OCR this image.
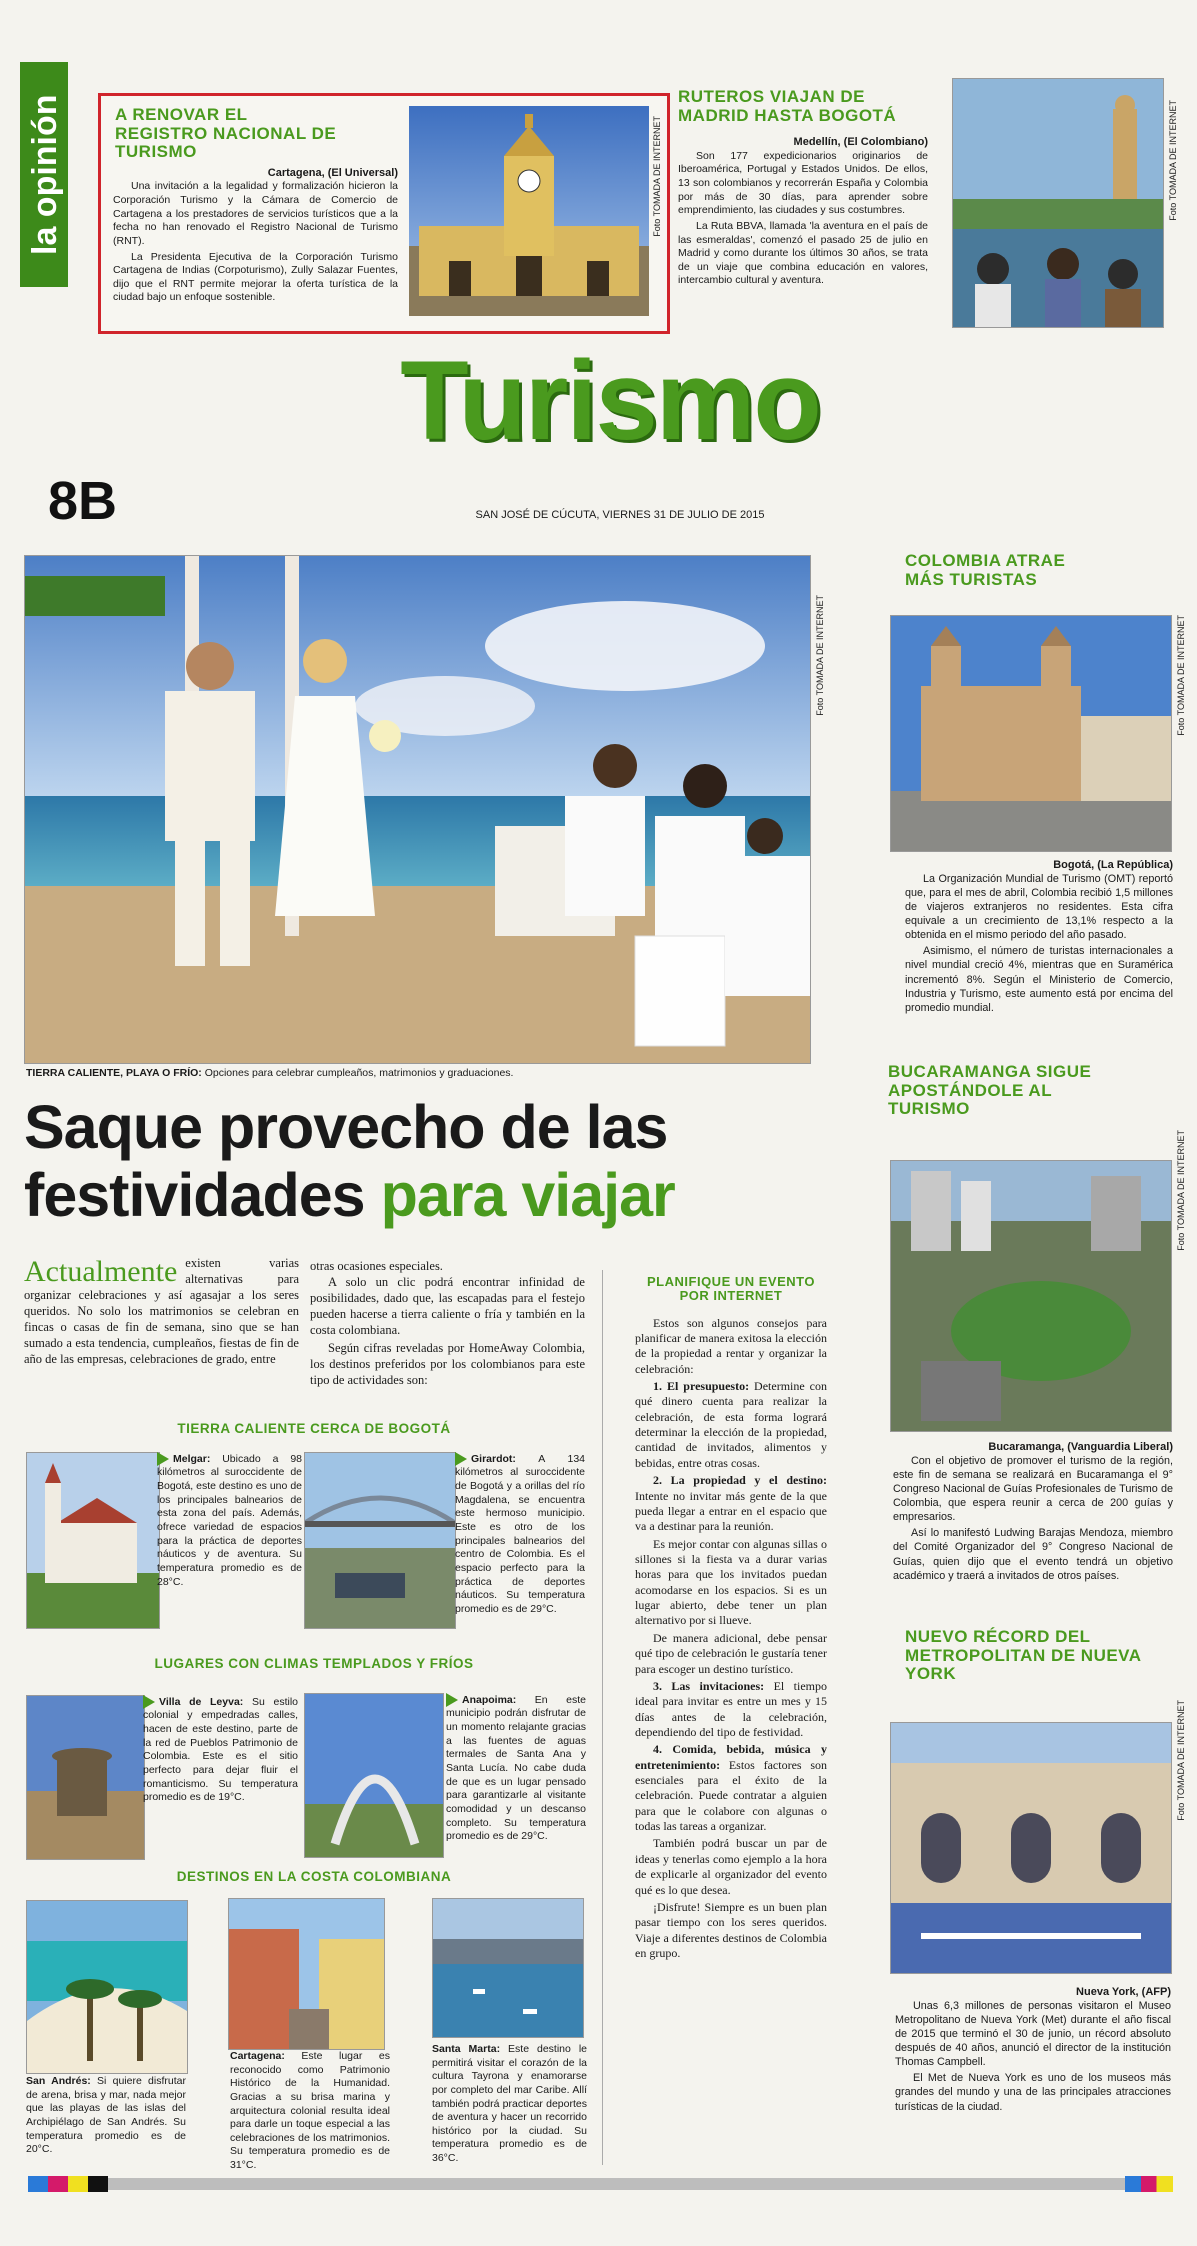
la opinión	A RENOVAR EL REGISTRO NACIONAL DE TURISMO
Cartagena, (El Universal)

Una invitación a la legalidad y formalización hicieron la Corporación Turismo y la Cámara de Comercio de Cartagena a los prestadores de servicios turísticos que a la fecha no han renovado el Registro Nacional de Turismo (RNT).

La Presidenta Ejecutiva de la Corporación Turismo Cartagena de Indias (Corpoturismo), Zully Salazar Fuentes, dijo que el RNT permite mejorar la oferta turística de la ciudad bajo un enfoque sostenible.

Foto TOMADA DE INTERNET
RUTEROS VIAJAN DE MADRID HASTA BOGOTÁ
Medellín, (El Colombiano)

Son 177 expedicionarios originarios de Iberoamérica, Portugal y Estados Unidos. De ellos, 13 son colombianos y recorrerán España y Colombia por más de 30 días, para aprender sobre emprendimiento, las ciudades y sus costumbres.

La Ruta BBVA, llamada 'la aventura en el país de las esmeraldas', comenzó el pasado 25 de julio en Madrid y como durante los últimos 30 años, se trata de un viaje que combina educación en valores, intercambio cultural y aventura.

Foto TOMADA DE INTERNET
Turismo
SAN JOSÉ DE CÚCUTA, VIERNES 31 DE JULIO DE 2015
8B
Foto TOMADA DE INTERNET
TIERRA CALIENTE, PLAYA O FRÍO: Opciones para celebrar cumpleaños, matrimonios y graduaciones.
Saque provecho de las
festividades para viajar
Actualmente existen varias alternativas para organizar celebraciones y así agasajar a los seres queridos. No solo los matrimonios se celebran en fincas o casas de fin de semana, sino que se han sumado a esta tendencia, cumpleaños, fiestas de fin de año de las empresas, celebraciones de grado, entre
otras ocasiones especiales.

A solo un clic podrá encontrar infinidad de posibilidades, dado que, las escapadas para el festejo pueden hacerse a tierra caliente o fría y también en la costa colombiana.

Según cifras reveladas por HomeAway Colombia, los destinos preferidos por los colombianos para este tipo de actividades son:

TIERRA CALIENTE CERCA DE BOGOTÁ
Melgar: Ubicado a 98 kilómetros al suroccidente de Bogotá, este destino es uno de los principales balnearios de esta zona del país. Además, ofrece variedad de espacios para la práctica de deportes náuticos y de aventura. Su temperatura promedio es de 28°C.
Girardot: A 134 kilómetros al suroccidente de Bogotá y a orillas del río Magdalena, se encuentra este hermoso municipio. Este es otro de los principales balnearios del centro de Colombia. Es el espacio perfecto para la práctica de deportes náuticos. Su temperatura promedio es de 29°C.
LUGARES CON CLIMAS TEMPLADOS Y FRÍOS
Villa de Leyva: Su estilo colonial y empedradas calles, hacen de este destino, parte de la red de Pueblos Patrimonio de Colombia. Este es el sitio perfecto para dejar fluir el romanticismo. Su temperatura promedio es de 19°C.
Anapoima: En este municipio podrán disfrutar de un momento relajante gracias a las fuentes de aguas termales de Santa Ana y Santa Lucía. No cabe duda de que es un lugar pensado para garantizarle al visitante comodidad y un descanso completo. Su temperatura promedio es de 29°C.
DESTINOS EN LA COSTA COLOMBIANA
San Andrés: Si quiere disfrutar de arena, brisa y mar, nada mejor que las playas de las islas del Archipiélago de San Andrés. Su temperatura promedio es de 20°C.
Cartagena: Este lugar es reconocido como Patrimonio Histórico de la Humanidad. Gracias a su brisa marina y arquitectura colonial resulta ideal para darle un toque especial a las celebraciones de los matrimonios. Su temperatura promedio es de 31°C.
Santa Marta: Este destino le permitirá visitar el corazón de la cultura Tayrona y enamorarse por completo del mar Caribe. Allí también podrá practicar deportes de aventura y hacer un recorrido histórico por la ciudad. Su temperatura promedio es de 36°C.
PLANIFIQUE UN EVENTO POR INTERNET

Estos son algunos consejos para planificar de manera exitosa la elección de la propiedad a rentar y organizar la celebración:

1. El presupuesto: Determine con qué dinero cuenta para realizar la celebración, de esta forma logrará determinar la elección de la propiedad, cantidad de invitados, alimentos y bebidas, entre otras cosas.

2. La propiedad y el destino: Intente no invitar más gente de la que pueda llegar a entrar en el espacio que va a destinar para la reunión.

Es mejor contar con algunas sillas o sillones si la fiesta va a durar varias horas para que los invitados puedan acomodarse en los espacios. Si es un lugar abierto, debe tener un plan alternativo por si llueve.

De manera adicional, debe pensar qué tipo de celebración le gustaría tener para escoger un destino turístico.

3. Las invitaciones: El tiempo ideal para invitar es entre un mes y 15 días antes de la celebración, dependiendo del tipo de festividad.

4. Comida, bebida, música y entretenimiento: Estos factores son esenciales para el éxito de la celebración. Puede contratar a alguien para que le colabore con algunas o todas las tareas a organizar.

También podrá buscar un par de ideas y tenerlas como ejemplo a la hora de explicarle al organizador del evento qué es lo que desea.

¡Disfrute! Siempre es un buen plan pasar tiempo con los seres queridos. Viaje a diferentes destinos de Colombia en grupo.

COLOMBIA ATRAE MÁS TURISTAS
Foto TOMADA DE INTERNET
Bogotá, (La República)

La Organización Mundial de Turismo (OMT) reportó que, para el mes de abril, Colombia recibió 1,5 millones de viajeros extranjeros no residentes. Esta cifra equivale a un crecimiento de 13,1% respecto a la obtenida en el mismo periodo del año pasado.

Asimismo, el número de turistas internacionales a nivel mundial creció 4%, mientras que en Suramérica incrementó 8%. Según el Ministerio de Comercio, Industria y Turismo, este aumento está por encima del promedio mundial.

BUCARAMANGA SIGUE APOSTÁNDOLE AL TURISMO
Foto TOMADA DE INTERNET
Bucaramanga, (Vanguardia Liberal)

Con el objetivo de promover el turismo de la región, este fin de semana se realizará en Bucaramanga el 9° Congreso Nacional de Guías Profesionales de Turismo de Colombia, que espera reunir a cerca de 200 guías y empresarios.

Así lo manifestó Ludwing Barajas Mendoza, miembro del Comité Organizador del 9° Congreso Nacional de Guías, quien dijo que el evento tendrá un objetivo académico y traerá a invitados de otros países.

NUEVO RÉCORD DEL METROPOLITAN DE NUEVA YORK
Foto TOMADA DE INTERNET
Nueva York, (AFP)

Unas 6,3 millones de personas visitaron el Museo Metropolitano de Nueva York (Met) durante el año fiscal de 2015 que terminó el 30 de junio, un récord absoluto después de 40 años, anunció el director de la institución Thomas Campbell.

El Met de Nueva York es uno de los museos más grandes del mundo y una de las principales atracciones turísticas de la ciudad.
